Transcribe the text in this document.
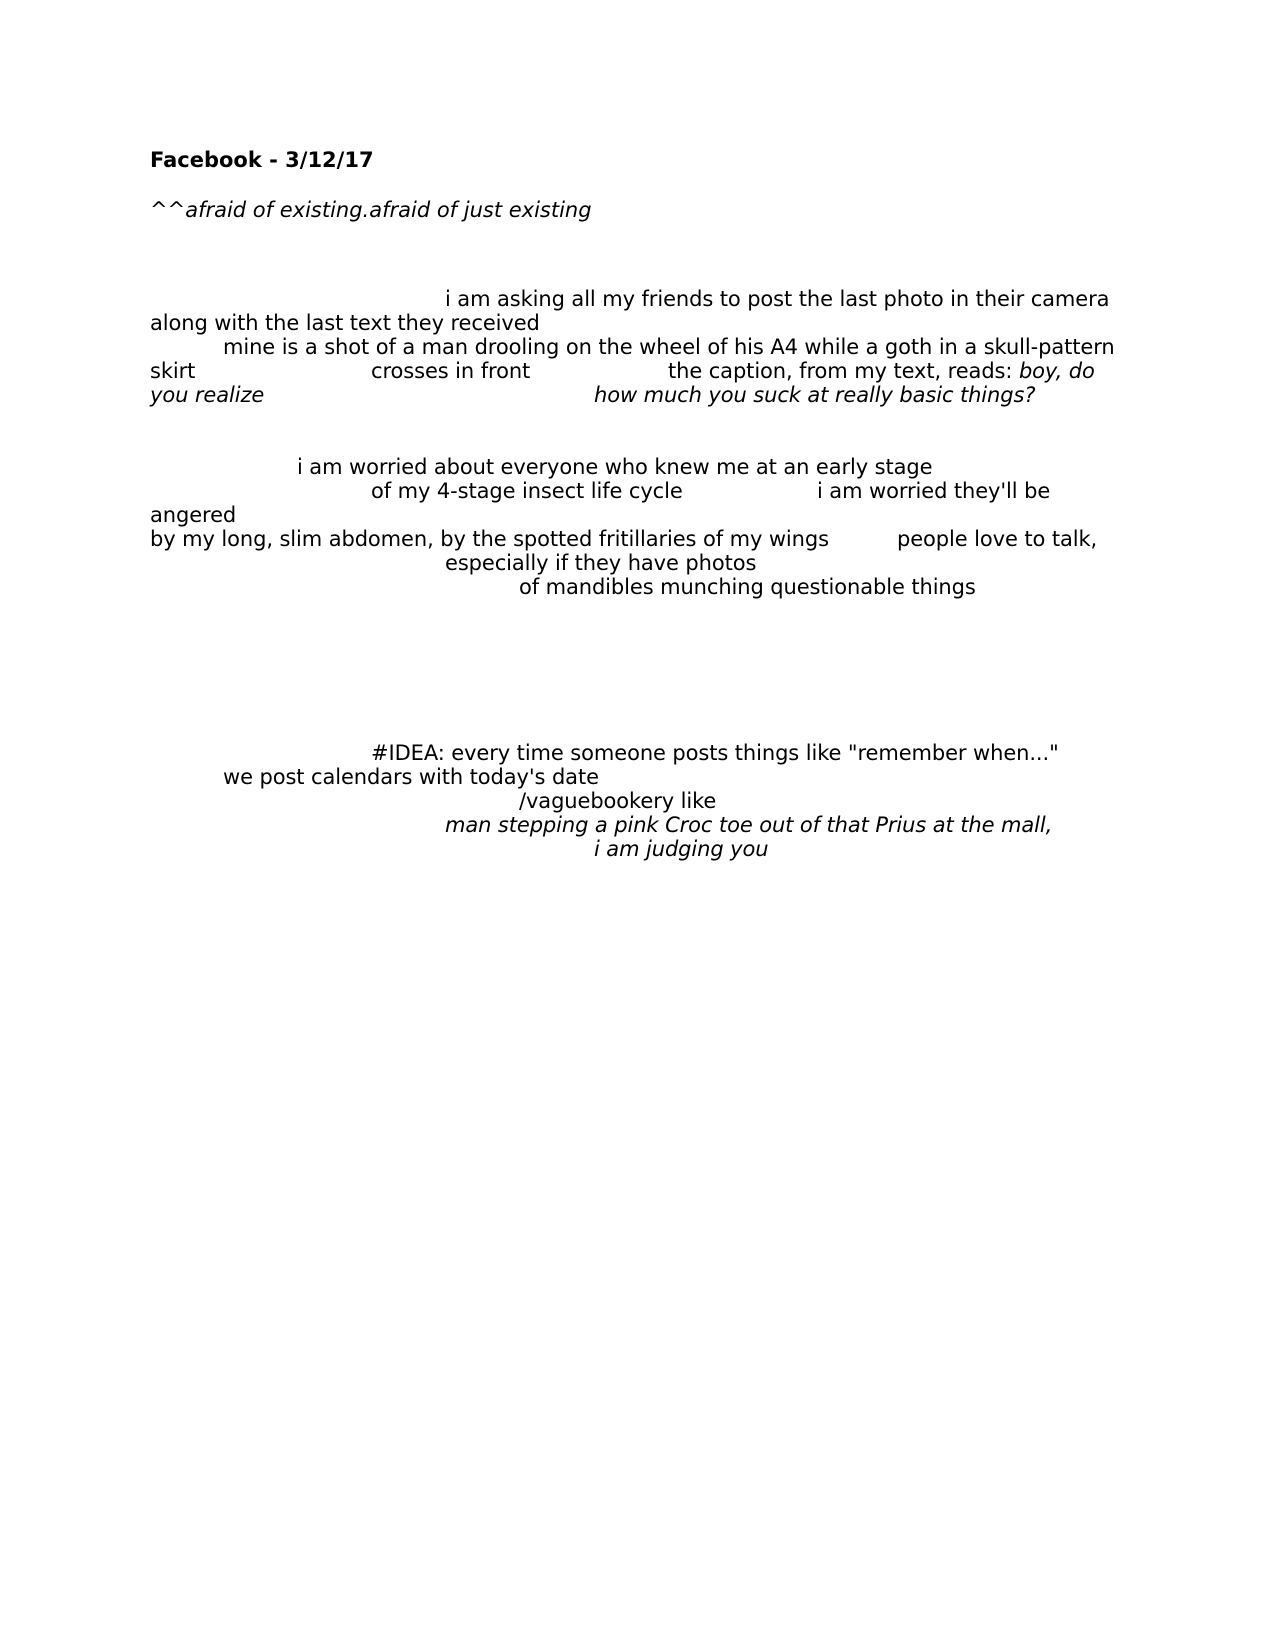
Facebook - 3/12/17
^^afraid of existing.afraid of just existing
i am asking all my friends to post the last photo in their camera
along with the last text they received
mine is a shot of a man drooling on the wheel of his A4 while a goth in a skull-pattern
skirt	crosses in front	the caption, from my text, reads: boy, do
you realize	how much you suck at really basic things?
i am worried about everyone who knew me at an early stage
of my 4-stage insect life cycle	i am worried they'll be
angered
by my long, slim abdomen, by the spotted fritillaries of my wings	people love to talk,
especially if they have photos
of mandibles munching questionable things
#IDEA: every time someone posts things like "remember when..."
we post calendars with today's date
/vaguebookery like
man stepping a pink Croc toe out of that Prius at the mall,
i am judging you
